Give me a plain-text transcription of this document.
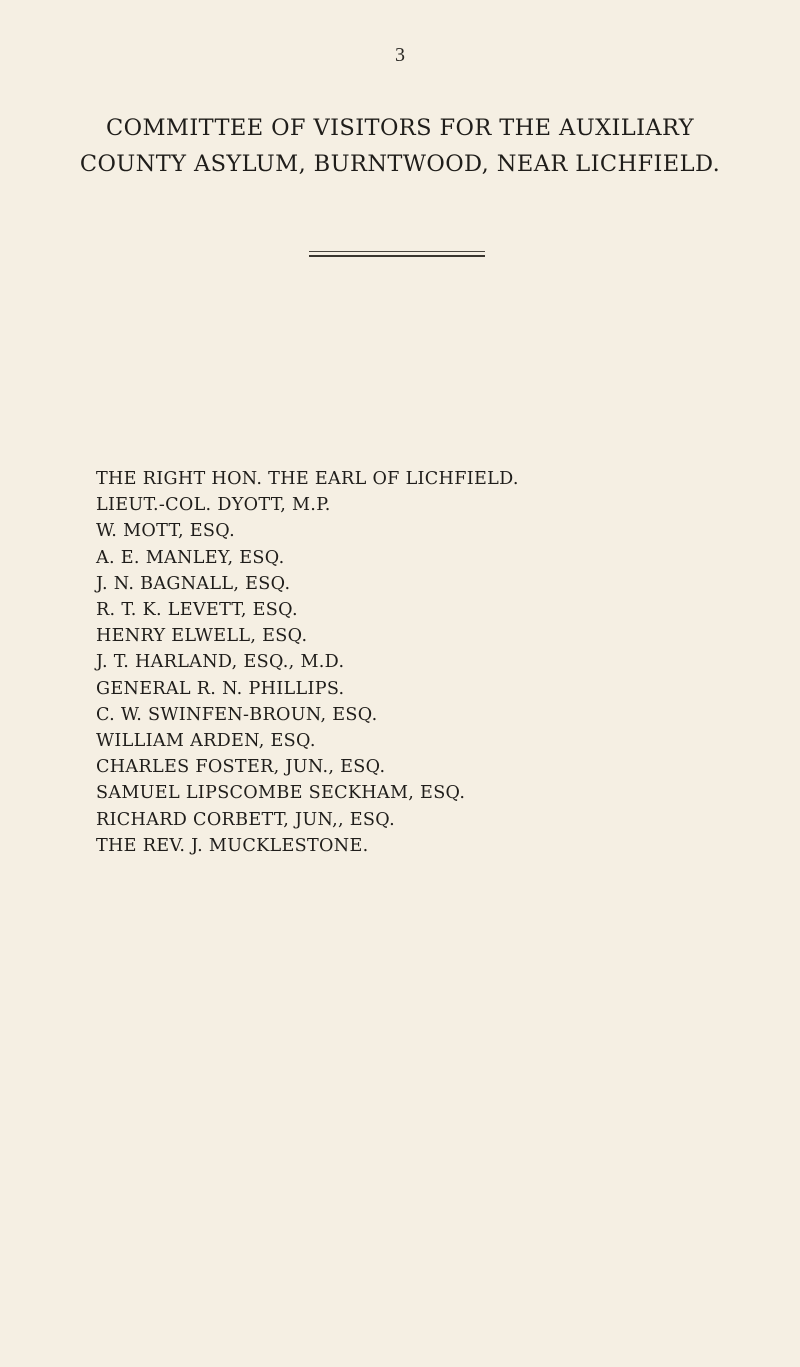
3
COMMITTEE OF VISITORS FOR THE AUXILIARY
COUNTY ASYLUM, BURNTWOOD, NEAR LICHFIELD.
THE RIGHT HON. THE EARL OF LICHFIELD.
LIEUT.-COL. DYOTT, M.P.
W. MOTT, ESQ.
A. E. MANLEY, ESQ.
J. N. BAGNALL, ESQ.
R. T. K. LEVETT, ESQ.
HENRY ELWELL, ESQ.
J. T. HARLAND, ESQ., M.D.
GENERAL R. N. PHILLIPS.
C. W. SWINFEN-BROUN, ESQ.
WILLIAM ARDEN, ESQ.
CHARLES FOSTER, JUN., ESQ.
SAMUEL LIPSCOMBE SECKHAM, ESQ.
RICHARD CORBETT, JUN,, ESQ.
THE REV. J. MUCKLESTONE.
